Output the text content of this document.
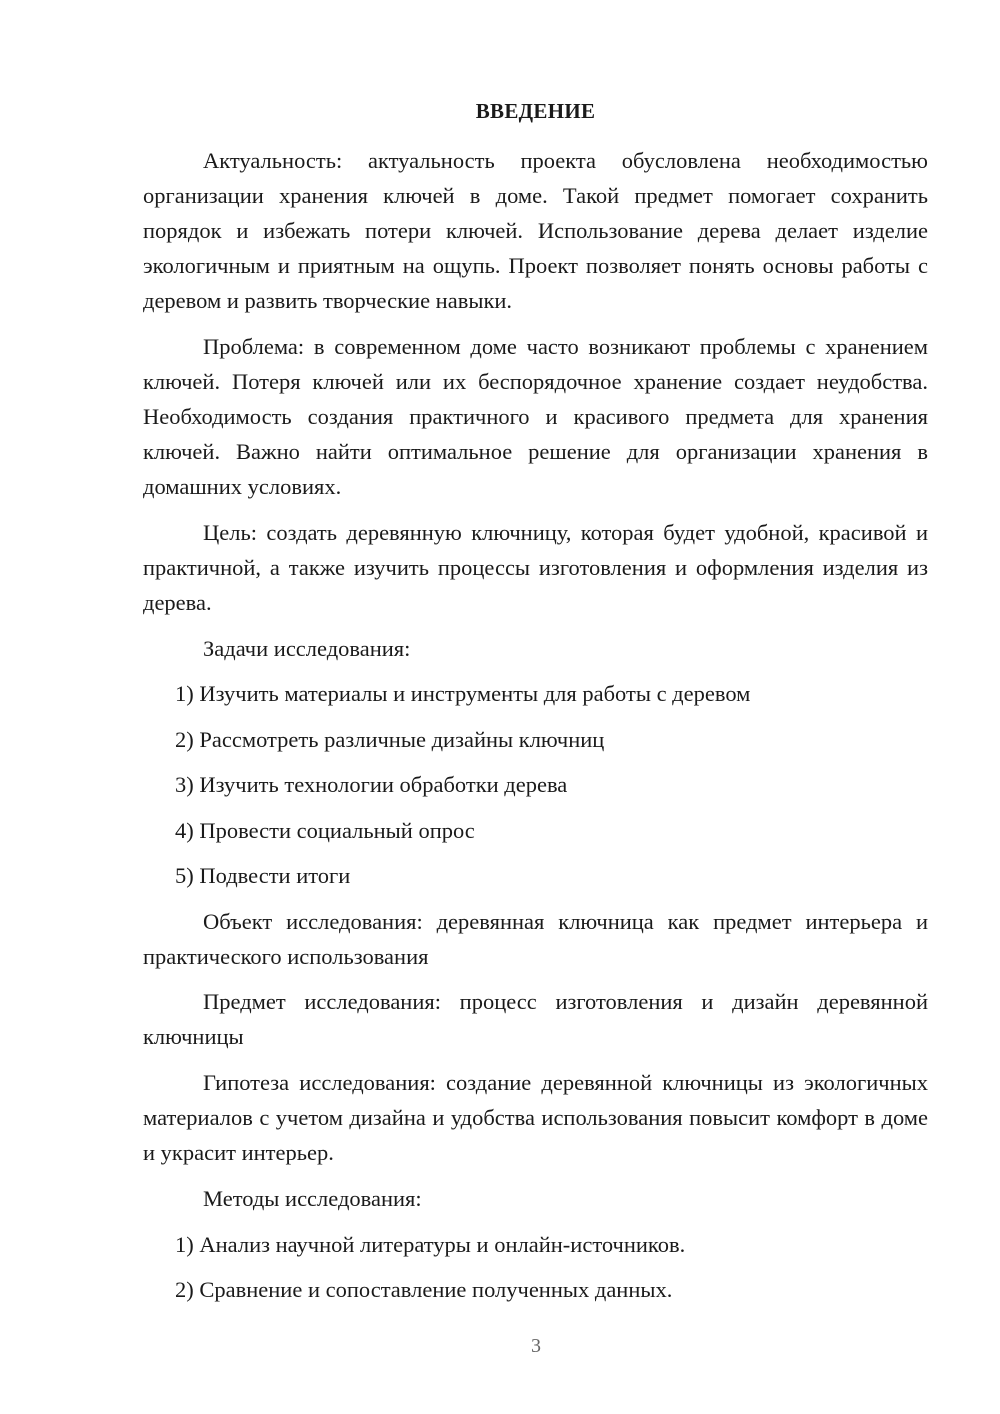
ВВЕДЕНИЕ

Актуальность: актуальность проекта обусловлена необходимостью организации хранения ключей в доме. Такой предмет помогает сохранить порядок и избежать потери ключей. Использование дерева делает изделие экологичным и приятным на ощупь. Проект позволяет понять основы работы с деревом и развить творческие навыки.

Проблема: в современном доме часто возникают проблемы с хранением ключей. Потеря ключей или их беспорядочное хранение создает неудобства. Необходимость создания практичного и красивого предмета для хранения ключей. Важно найти оптимальное решение для организации хранения в домашних условиях.

Цель: создать деревянную ключницу, которая будет удобной, красивой и практичной, а также изучить процессы изготовления и оформления изделия из дерева.

Задачи исследования:

1) Изучить материалы и инструменты для работы с деревом

2) Рассмотреть различные дизайны ключниц

3) Изучить технологии обработки дерева

4) Провести социальный опрос

5) Подвести итоги

Объект исследования: деревянная ключница как предмет интерьера и практического использования

Предмет исследования: процесс изготовления и дизайн деревянной ключницы

Гипотеза исследования: создание деревянной ключницы из экологичных материалов с учетом дизайна и удобства использования повысит комфорт в доме и украсит интерьер.

Методы исследования:

1) Анализ научной литературы и онлайн-источников.

2) Сравнение и сопоставление полученных данных.

3
